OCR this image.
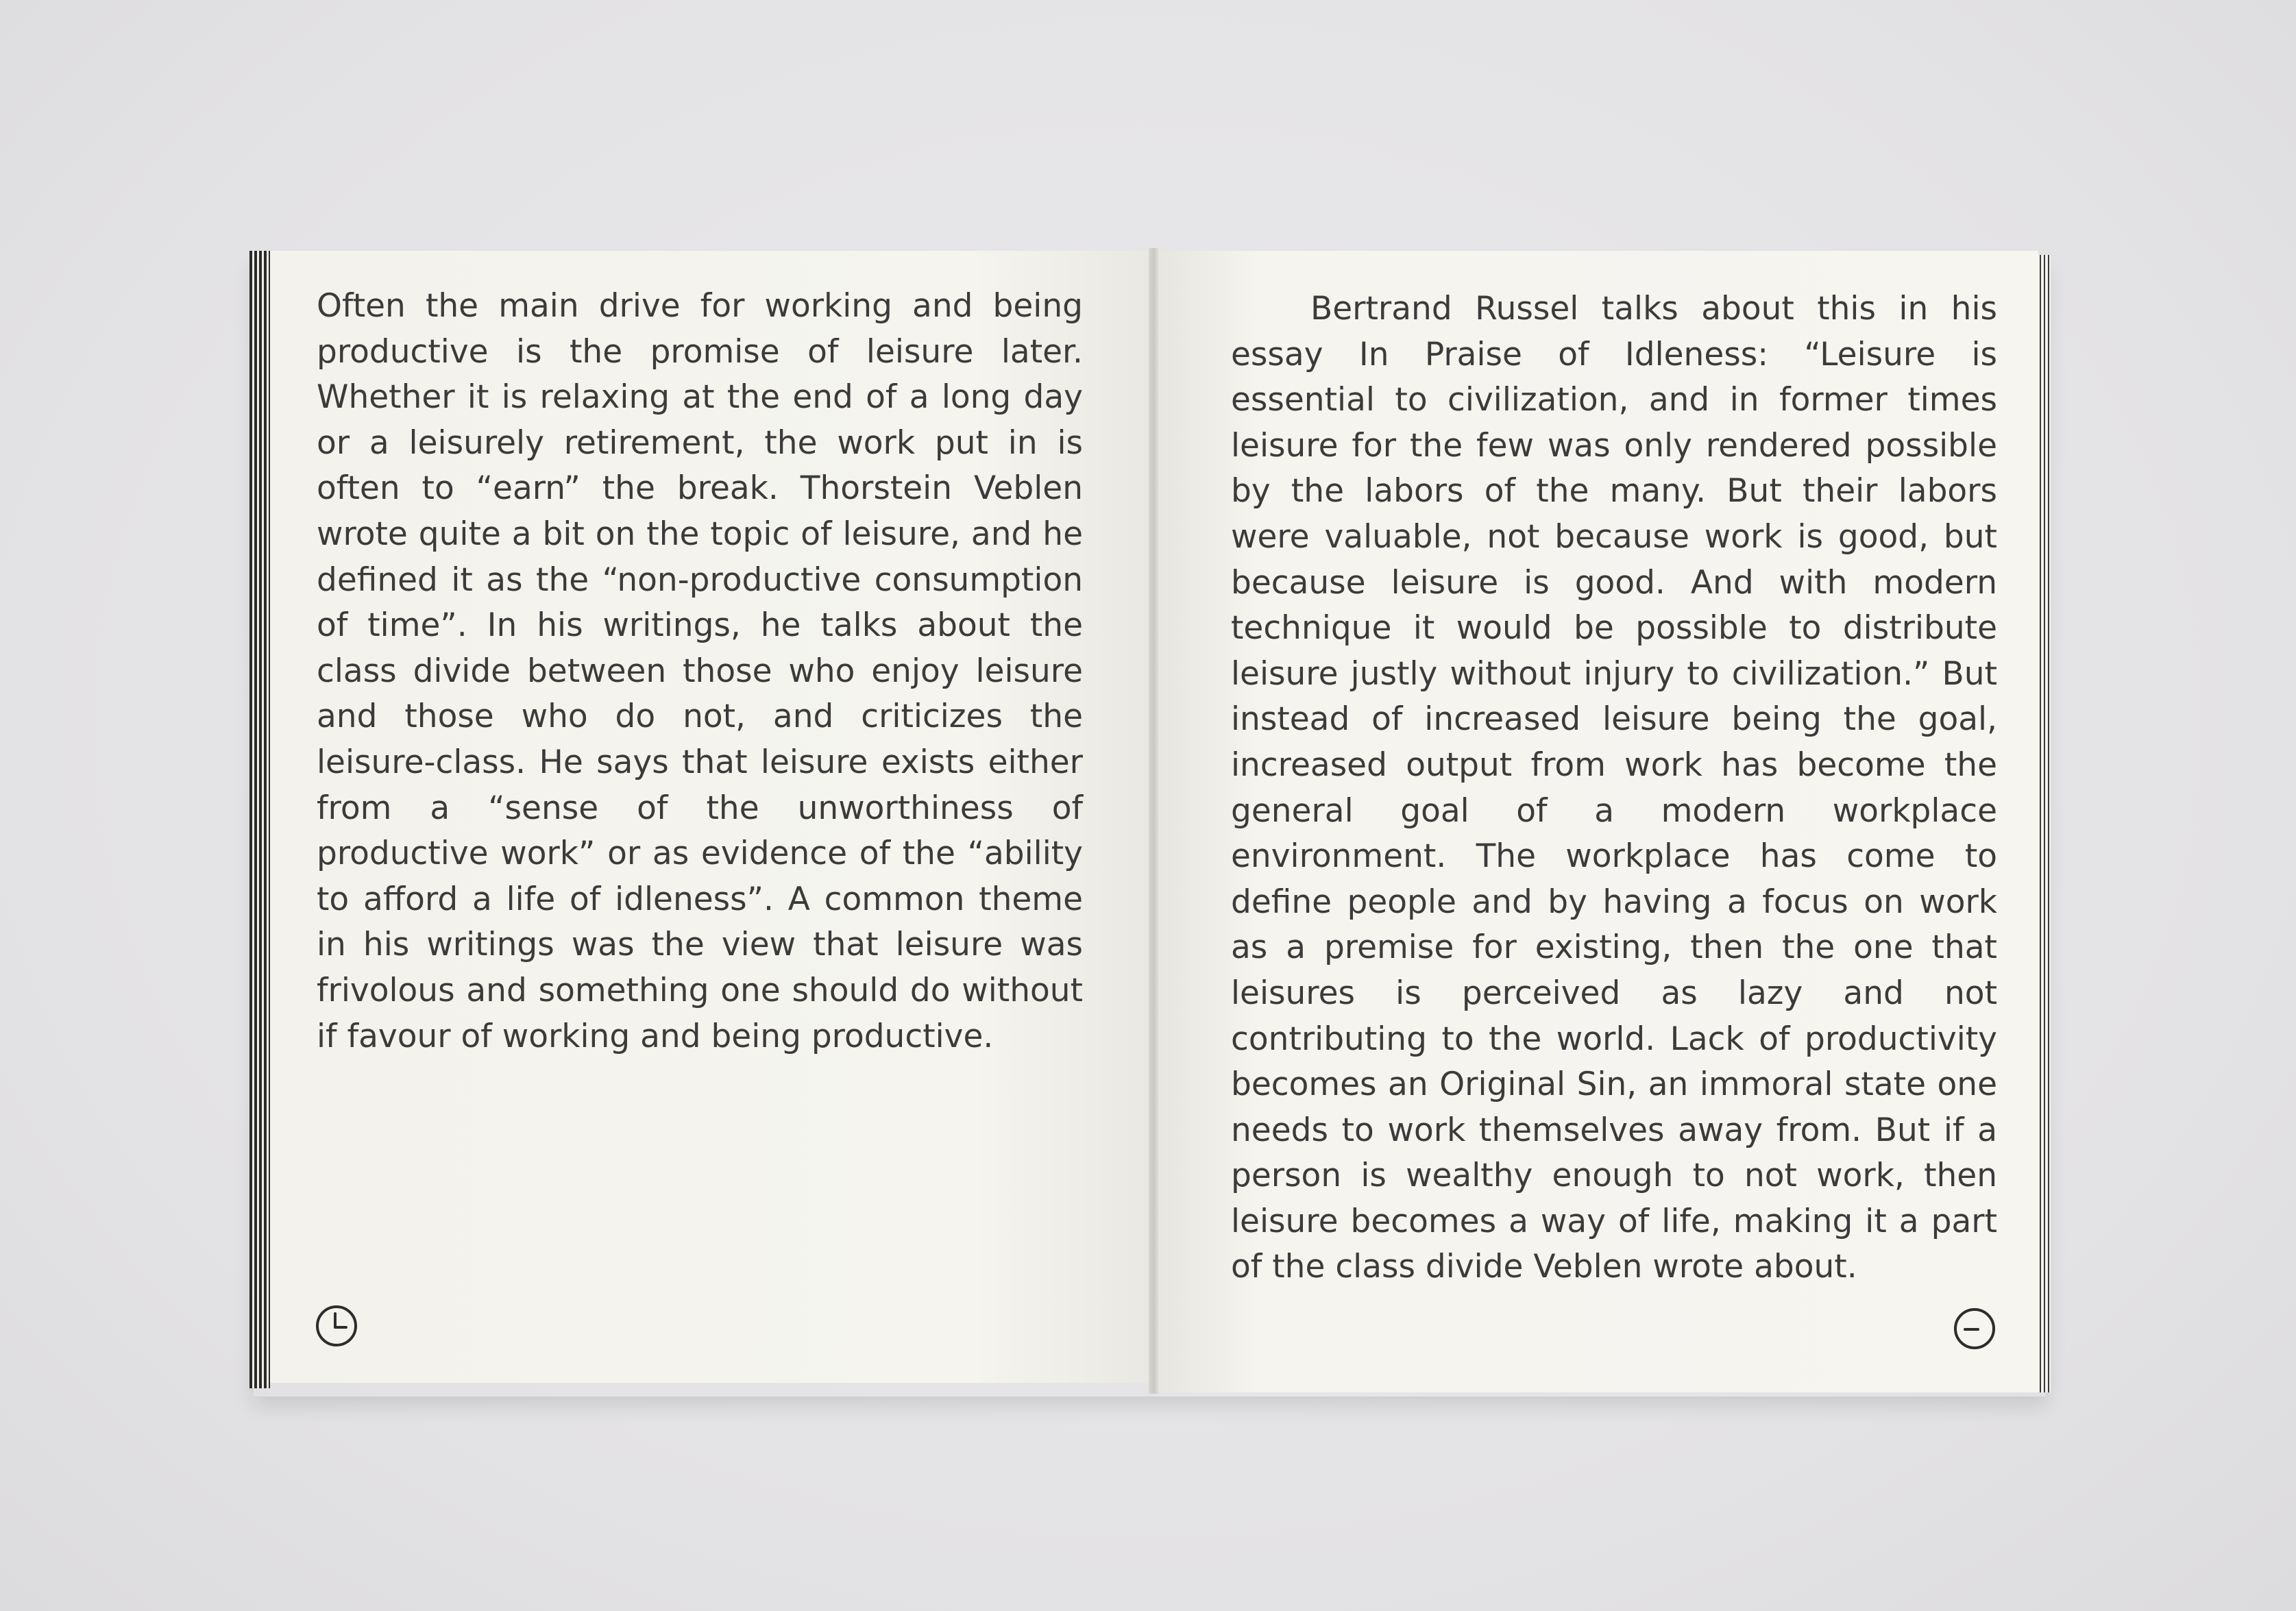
Often the main drive for working and being productive is the promise of leisure later. Whether it is relaxing at the end of a long day or a leisurely retirement, the work put in is often to “earn” the break. Thorstein Veblen wrote quite a bit on the topic of leisure, and he defined it as the “non-productive consumption of time”. In his writings, he talks about the class divide between those who enjoy leisure and those who do not, and criticizes the leisure-class. He says that leisure exists either from a “sense of the unworthiness of productive work” or as evidence of the “ability to afford a life of idleness”. A common theme in his writings was the view that leisure was frivolous and something one should do without if favour of working and being productive.

Bertrand Russel talks about this in his essay In Praise of Idleness: “Leisure is essential to civilization, and in former times leisure for the few was only rendered possible by the labors of the many. But their labors were valuable, not because work is good, but because leisure is good. And with modern technique it would be possible to distribute leisure justly without injury to civilization.” But instead of increased leisure being the goal, increased output from work has become the general goal of a modern workplace environment. The workplace has come to define people and by having a focus on work as a premise for existing, then the one that leisures is perceived as lazy and not contributing to the world. Lack of productivity becomes an Original Sin, an immoral state one needs to work themselves away from. But if a person is wealthy enough to not work, then leisure becomes a way of life, making it a part of the class divide Veblen wrote about.
